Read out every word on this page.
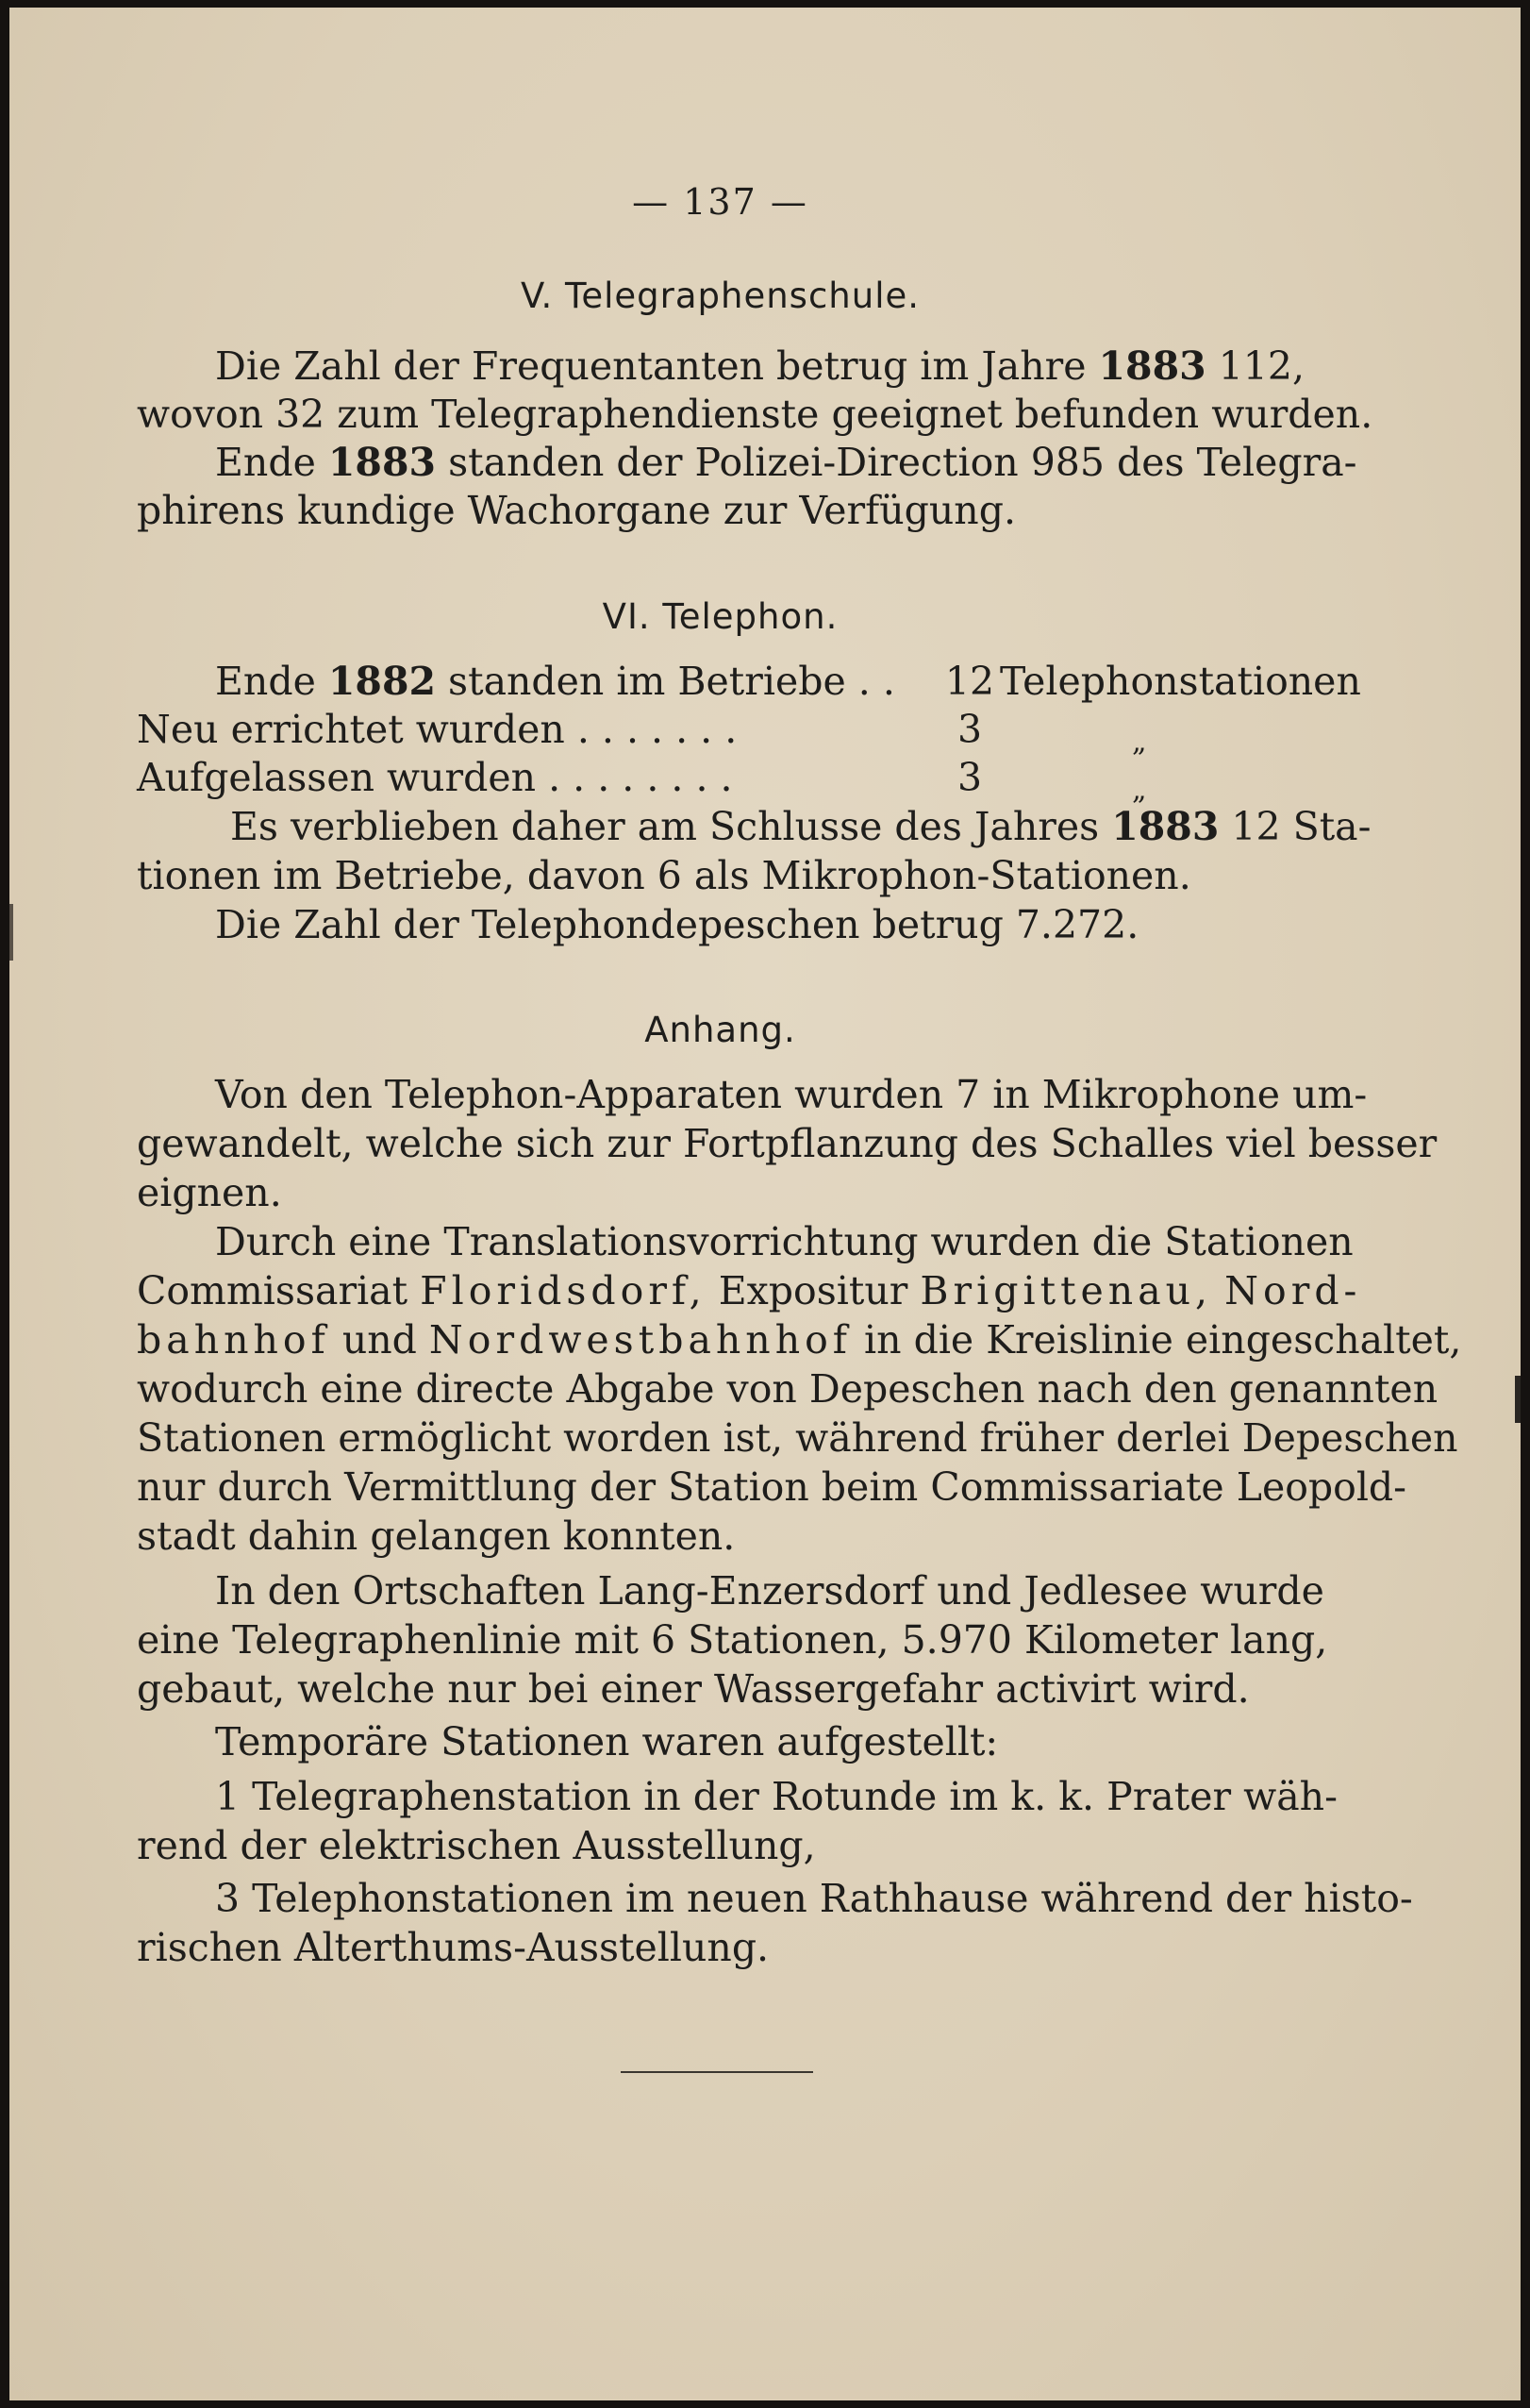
— 137 —
V. Telegraphenschule.
Die Zahl der Frequentanten betrug im Jahre 1883 112,
wovon 32 zum Telegraphendienste geeignet befunden wurden.
Ende 1883 standen der Polizei-Direction 985 des Telegra-
phirens kundige Wachorgane zur Verfügung.
VI. Telephon.
Ende 1882 standen im Betriebe . . 12 Telephonstationen
Neu errichtet wurden . . . . . . .	3	„
Aufgelassen wurden . . . . . . . .	3	„
Es verblieben daher am Schlusse des Jahres 1883 12 Sta-
tionen im Betriebe, davon 6 als Mikrophon-Stationen.
Die Zahl der Telephondepeschen betrug 7.272.
Anhang.
Von den Telephon-Apparaten wurden 7 in Mikrophone um-
gewandelt, welche sich zur Fortpflanzung des Schalles viel besser
eignen.
Durch eine Translationsvorrichtung wurden die Stationen
Commissariat Floridsdorf, Expositur Brigittenau, Nord-
bahnhof und Nordwestbahnhof in die Kreislinie eingeschaltet,
wodurch eine directe Abgabe von Depeschen nach den genannten
Stationen ermöglicht worden ist, während früher derlei Depeschen
nur durch Vermittlung der Station beim Commissariate Leopold-
stadt dahin gelangen konnten.
In den Ortschaften Lang-Enzersdorf und Jedlesee wurde
eine Telegraphenlinie mit 6 Stationen, 5.970 Kilometer lang,
gebaut, welche nur bei einer Wassergefahr activirt wird.
Temporäre Stationen waren aufgestellt:
1 Telegraphenstation in der Rotunde im k. k. Prater wäh-
rend der elektrischen Ausstellung,
3 Telephonstationen im neuen Rathhause während der histo-
rischen Alterthums-Ausstellung.
